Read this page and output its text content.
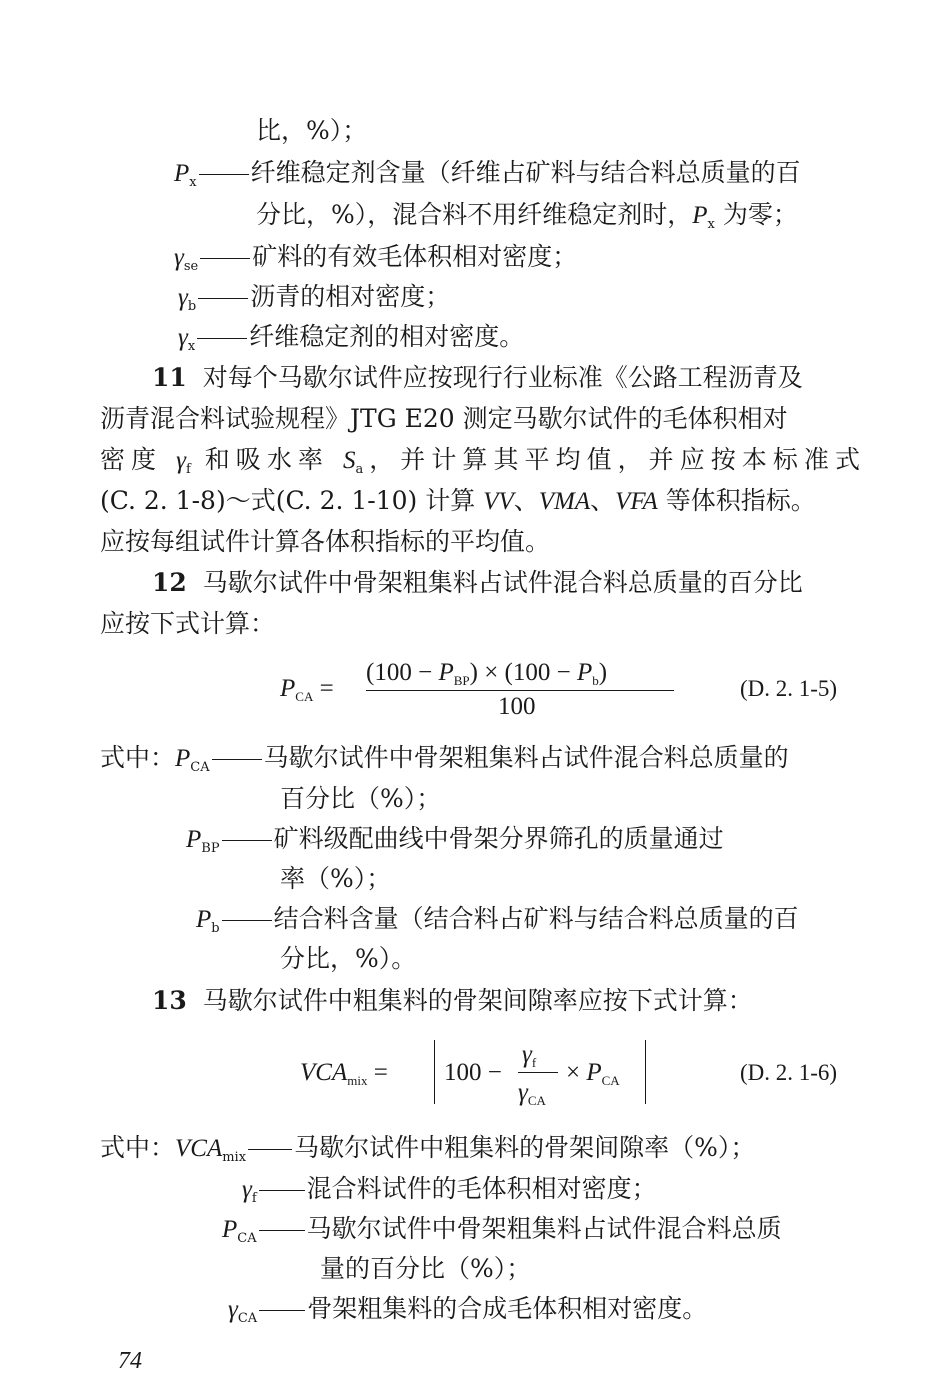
比，%）；
$P_x$ 纤维稳定剂含量（纤维占矿料与结合料总质量的百
分比，%），混合料不用纤维稳定剂时，$P_x$ 为零；
$\gamma_{se}$ 矿料的有效毛体积相对密度；
$\gamma_b$ 沥青的相对密度；
$\gamma_x$ 纤维稳定剂的相对密度。
11 对每个马歇尔试件应按现行行业标准《公路工程沥青及
沥青混合料试验规程》JTG E20 测定马歇尔试件的毛体积相对
密度 $\gamma_f$ 和吸水率 $S_a$，并计算其平均值，并应按本标准式
(C. 2. 1-8)～式(C. 2. 1-10) 计算 VV、VMA、VFA 等体积指标。
应按每组试件计算各体积指标的平均值。
12 马歇尔试件中骨架粗集料占试件混合料总质量的百分比
应按下式计算：
$P_{CA}$ =
$(100 - P_{BP}) \times (100 - P_b)$
100
(D. 2. 1-5)
式中：$P_{CA}$ 马歇尔试件中骨架粗集料占试件混合料总质量的
百分比（%）；
$P_{BP}$ 矿料级配曲线中骨架分界筛孔的质量通过
率（%）；
$P_b$ 结合料含量（结合料占矿料与结合料总质量的百
分比，%）。
13 马歇尔试件中粗集料的骨架间隙率应按下式计算：
$VCA_{mix} = 100$ −
$\gamma_f$
$\gamma_{CA}$
× $P_{CA}$	(D. 2. 1-6)
式中：$VCA_{mix}$ 马歇尔试件中粗集料的骨架间隙率（%）；
$\gamma_f$ 混合料试件的毛体积相对密度；
$P_{CA}$ 马歇尔试件中骨架粗集料占试件混合料总质
量的百分比（%）；
$\gamma_{CA}$ 骨架粗集料的合成毛体积相对密度。
74
